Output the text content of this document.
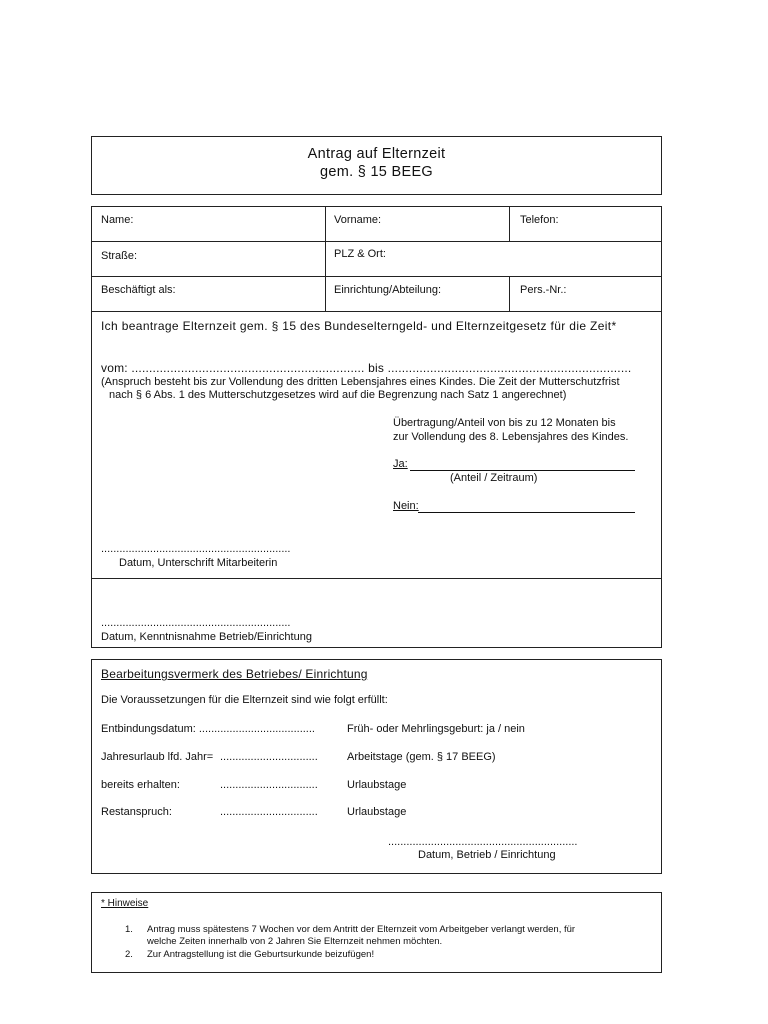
Antrag auf Elternzeit
gem. § 15 BEEG
Name:	Vorname:	Telefon:
Straße:	PLZ & Ort:
Beschäftigt als:	Einrichtung/Abteilung:	Pers.-Nr.:
Ich beantrage Elternzeit gem. § 15 des Bundeselterngeld- und Elternzeitgesetz für die Zeit*
vom: .................................................................. bis .....................................................................
(Anspruch besteht bis zur Vollendung des dritten Lebensjahres eines Kindes. Die Zeit der Mutterschutzfrist
nach § 6 Abs. 1 des Mutterschutzgesetzes wird auf die Begrenzung nach Satz 1 angerechnet)
Übertragung/Anteil von bis zu 12 Monaten bis
zur Vollendung des 8. Lebensjahres des Kindes.
Ja:
(Anteil / Zeitraum)
Nein:
..............................................................
Datum, Unterschrift Mitarbeiterin
..............................................................
Datum, Kenntnisnahme Betrieb/Einrichtung
Bearbeitungsvermerk des Betriebes/ Einrichtung
Die Voraussetzungen für die Elternzeit sind wie folgt erfüllt:
Entbindungsdatum: ......................................	Früh- oder Mehrlingsgeburt: ja / nein
Jahresurlaub lfd. Jahr= ................................	Arbeitstage (gem. § 17 BEEG)
bereits erhalten:	................................	Urlaubstage
Restanspruch:	................................	Urlaubstage
..............................................................
Datum, Betrieb / Einrichtung
* Hinweise
1. Antrag muss spätestens 7 Wochen vor dem Antritt der Elternzeit vom Arbeitgeber verlangt werden, für
welche Zeiten innerhalb von 2 Jahren Sie Elternzeit nehmen möchten.
2. Zur Antragstellung ist die Geburtsurkunde beizufügen!
